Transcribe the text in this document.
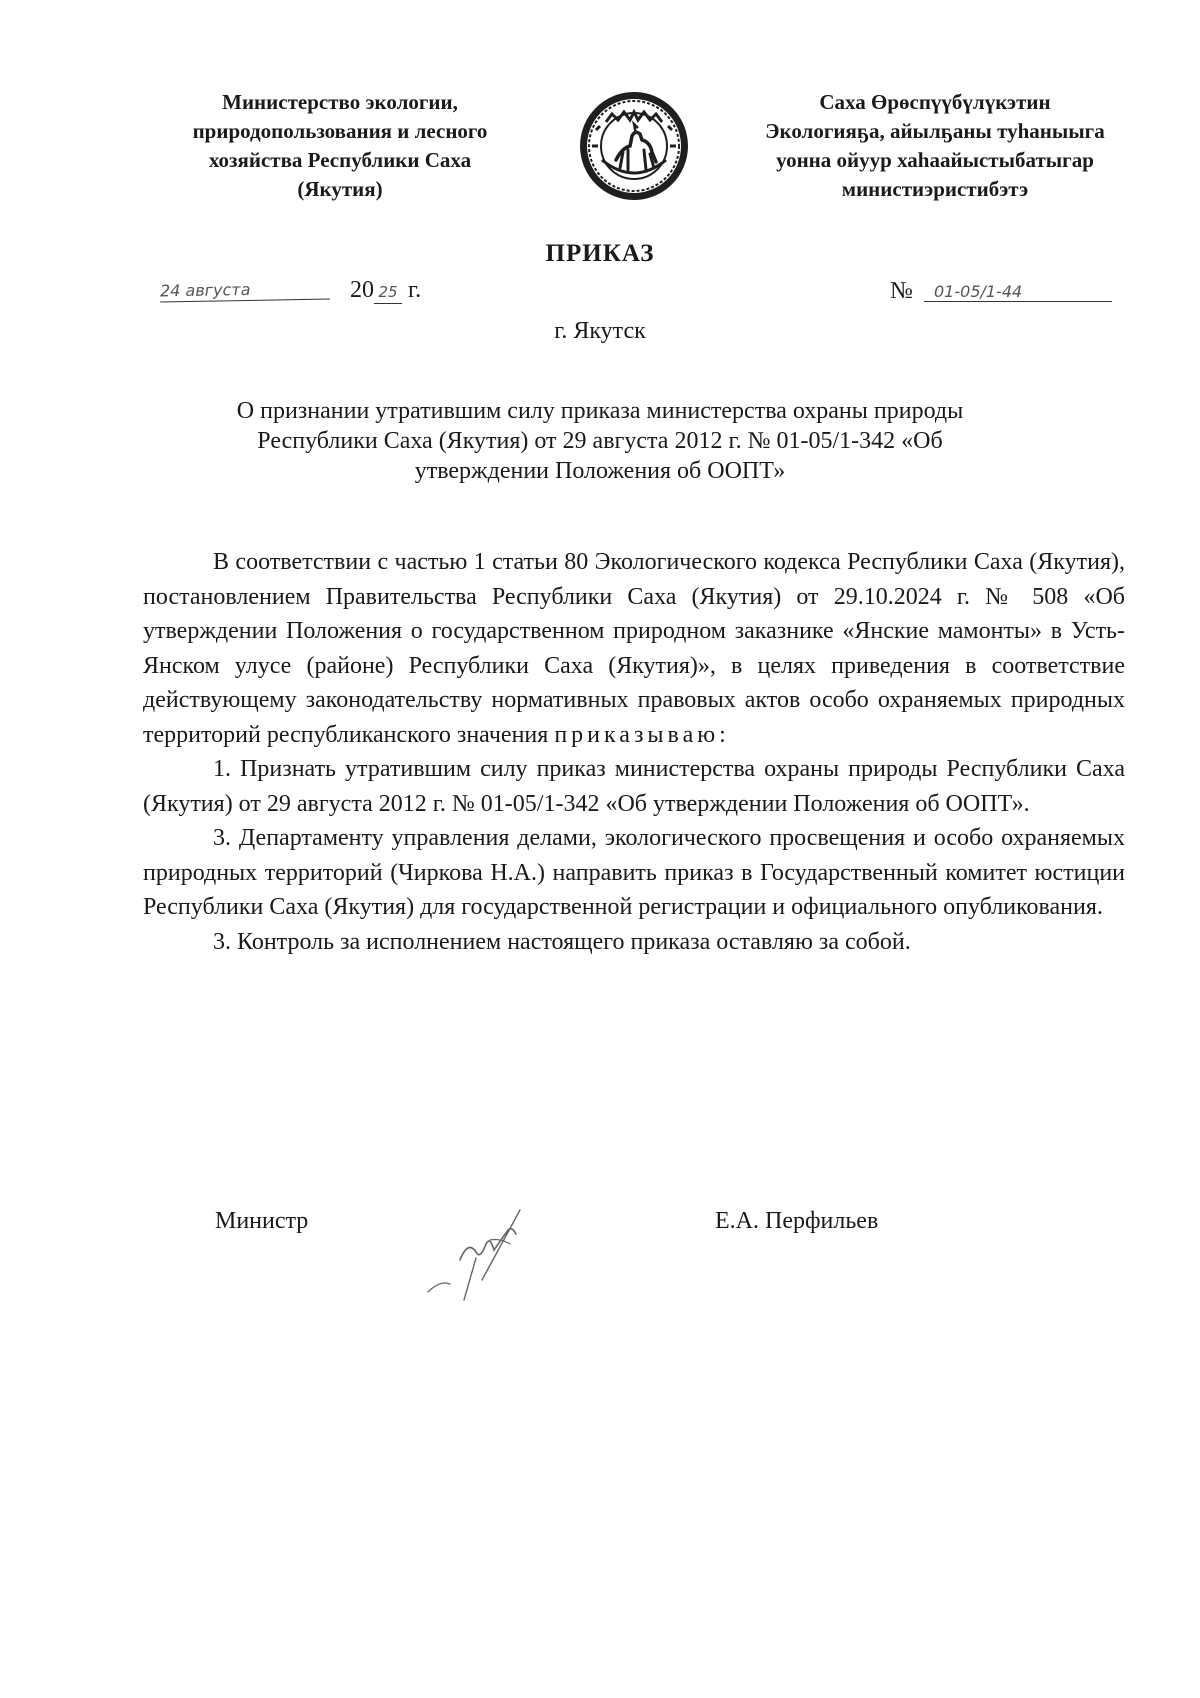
Министерство экологии,
природопользования и лесного
хозяйства Республики Саха
(Якутия)
Саха Өрөспүүбүлүкэтин
Экологияҕа, айылҕаны туһаныыга
уонна ойуур хаһаайыстыбатыгар
министиэристибэтэ
ПРИКАЗ
24 августа	20 25 г.	№	01-05/1-44
г. Якутск
О признании утратившим силу приказа министерства охраны природы
Республики Саха (Якутия) от 29 августа 2012 г. № 01-05/1-342 «Об
утверждении Положения об ООПТ»

В соответствии с частью 1 статьи 80 Экологического кодекса Республики Саха (Якутия), постановлением Правительства Республики Саха (Якутия) от 29.10.2024 г. № 508 «Об утверждении Положения о государственном природном заказнике «Янские мамонты» в Усть-Янском улусе (районе) Республики Саха (Якутия)», в целях приведения в соответствие действующему законодательству нормативных правовых актов особо охраняемых природных территорий республиканского значения приказываю:

1. Признать утратившим силу приказ министерства охраны природы Республики Саха (Якутия) от 29 августа 2012 г. № 01-05/1-342 «Об утверждении Положения об ООПТ».

3. Департаменту управления делами, экологического просвещения и особо охраняемых природных территорий (Чиркова Н.А.) направить приказ в Государственный комитет юстиции Республики Саха (Якутия) для государственной регистрации и официального опубликования.

3. Контроль за исполнением настоящего приказа оставляю за собой.

Министр	Е.А. Перфильев
